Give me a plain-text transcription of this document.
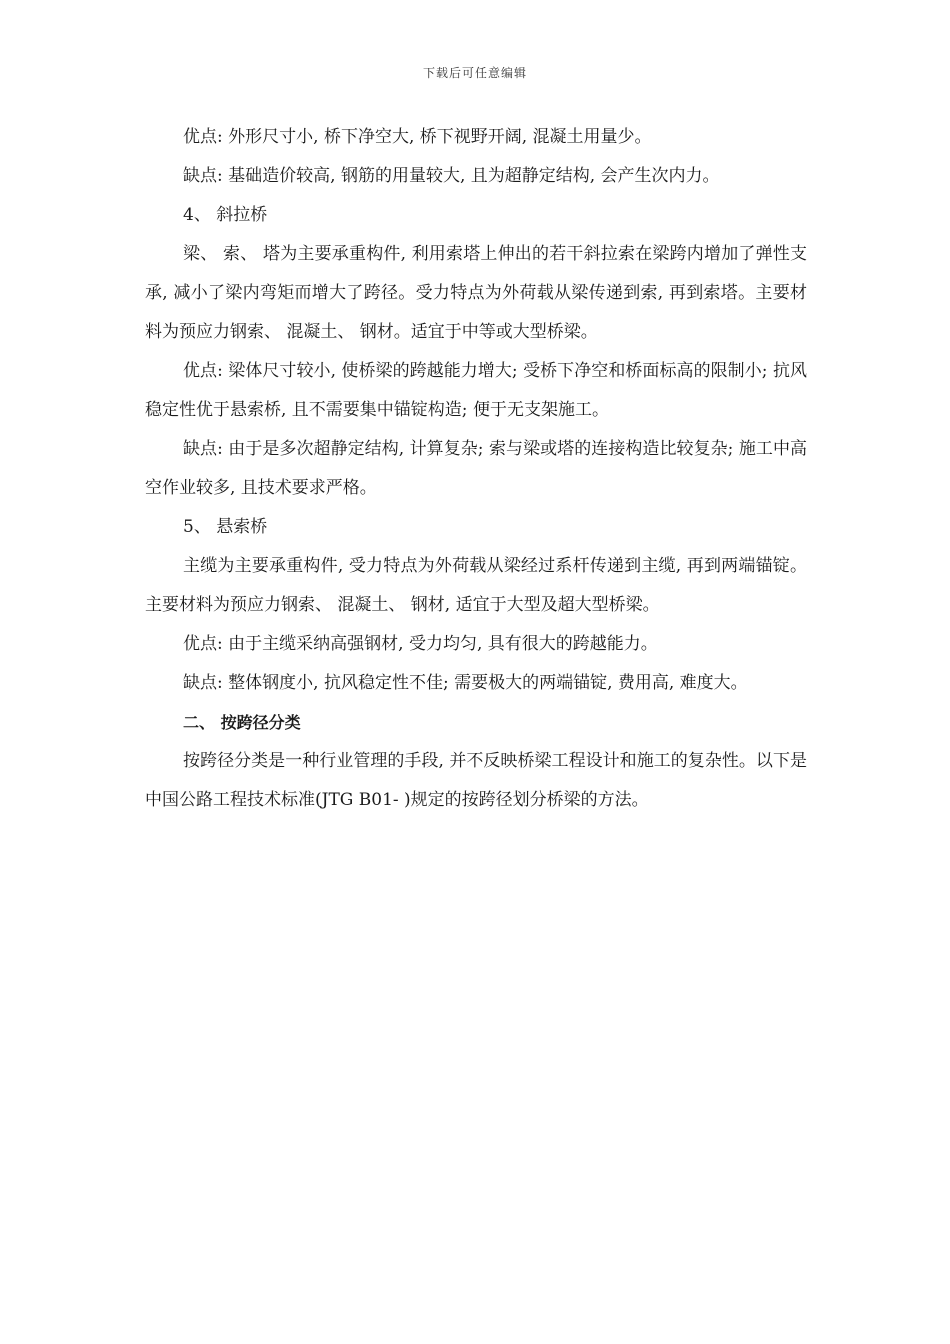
下载后可任意编辑

优点: 外形尺寸小, 桥下净空大, 桥下视野开阔, 混凝土用量少。

缺点: 基础造价较高, 钢筋的用量较大, 且为超静定结构, 会产生次内力。

4、 斜拉桥

梁、 索、 塔为主要承重构件, 利用索塔上伸出的若干斜拉索在梁跨内增加了弹性支承, 减小了梁内弯矩而增大了跨径。受力特点为外荷载从梁传递到索, 再到索塔。主要材料为预应力钢索、 混凝土、 钢材。适宜于中等或大型桥梁。

优点: 梁体尺寸较小, 使桥梁的跨越能力增大; 受桥下净空和桥面标高的限制小; 抗风稳定性优于悬索桥, 且不需要集中锚锭构造; 便于无支架施工。

缺点: 由于是多次超静定结构, 计算复杂; 索与梁或塔的连接构造比较复杂; 施工中高空作业较多, 且技术要求严格。

5、 悬索桥

主缆为主要承重构件, 受力特点为外荷载从梁经过系杆传递到主缆, 再到两端锚锭。主要材料为预应力钢索、 混凝土、 钢材, 适宜于大型及超大型桥梁。

优点: 由于主缆采纳高强钢材, 受力均匀, 具有很大的跨越能力。

缺点: 整体钢度小, 抗风稳定性不佳; 需要极大的两端锚锭, 费用高, 难度大。

二、 按跨径分类

按跨径分类是一种行业管理的手段, 并不反映桥梁工程设计和施工的复杂性。以下是中国公路工程技术标准(JTG B01- )规定的按跨径划分桥梁的方法。
